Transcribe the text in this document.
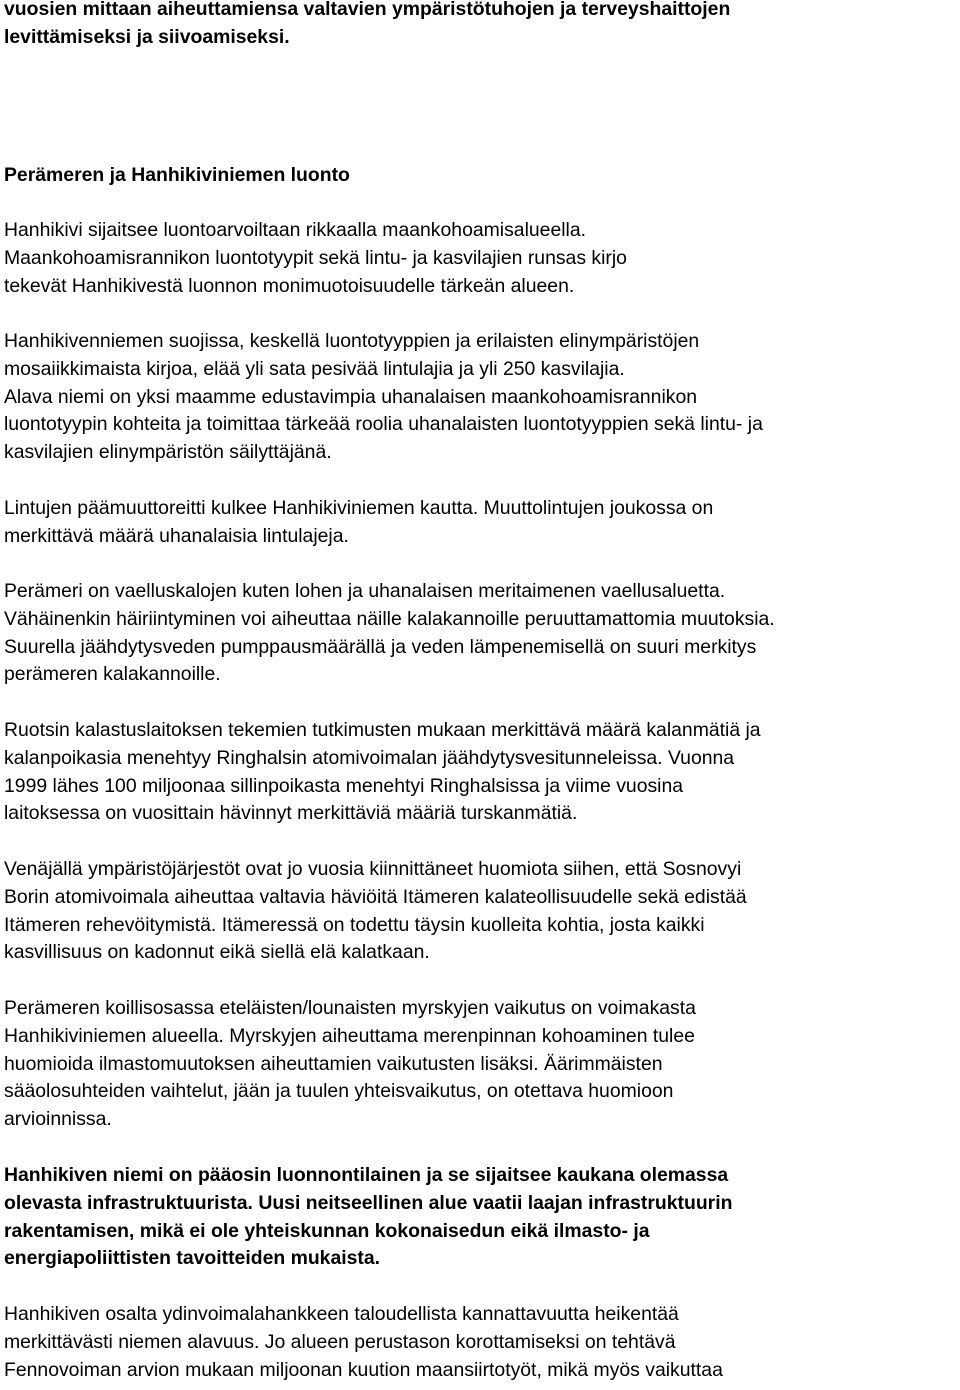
vuosien mittaan aiheuttamiensa valtavien ympäristötuhojen ja terveyshaittojen
levittämiseksi ja siivoamiseksi.
Perämeren ja Hanhikiviniemen luonto
Hanhikivi sijaitsee luontoarvoiltaan rikkaalla maankohoamisalueella.
Maankohoamisrannikon luontotyypit sekä lintu- ja kasvilajien runsas kirjo
tekevät Hanhikivestä luonnon monimuotoisuudelle tärkeän alueen.
Hanhikivenniemen suojissa, keskellä luontotyyppien ja erilaisten elinympäristöjen
mosaiikkimaista kirjoa, elää yli sata pesivää lintulajia ja yli 250 kasvilajia.
Alava niemi on yksi maamme edustavimpia uhanalaisen maankohoamisrannikon
luontotyypin kohteita ja toimittaa tärkeää roolia uhanalaisten luontotyyppien sekä lintu- ja
kasvilajien elinympäristön säilyttäjänä.
Lintujen päämuuttoreitti kulkee Hanhikiviniemen kautta. Muuttolintujen joukossa on
merkittävä määrä uhanalaisia lintulajeja.
Perämeri on vaelluskalojen kuten lohen ja uhanalaisen meritaimenen vaellusaluetta.
Vähäinenkin häiriintyminen voi aiheuttaa näille kalakannoille peruuttamattomia muutoksia.
Suurella jäähdytysveden pumppausmäärällä ja veden lämpenemisellä on suuri merkitys
perämeren kalakannoille.
Ruotsin kalastuslaitoksen tekemien tutkimusten mukaan merkittävä määrä kalanmätiä ja
kalanpoikasia menehtyy Ringhalsin atomivoimalan jäähdytysvesitunneleissa. Vuonna
1999 lähes 100 miljoonaa sillinpoikasta menehtyi Ringhalsissa ja viime vuosina
laitoksessa on vuosittain hävinnyt merkittäviä määriä turskanmätiä.
Venäjällä ympäristöjärjestöt ovat jo vuosia kiinnittäneet huomiota siihen, että Sosnovyi
Borin atomivoimala aiheuttaa valtavia häviöitä Itämeren kalateollisuudelle sekä edistää
Itämeren rehevöitymistä. Itämeressä on todettu täysin kuolleita kohtia, josta kaikki
kasvillisuus on kadonnut eikä siellä elä kalatkaan.
Perämeren koillisosassa eteläisten/lounaisten myrskyjen vaikutus on voimakasta
Hanhikiviniemen alueella. Myrskyjen aiheuttama merenpinnan kohoaminen tulee
huomioida ilmastomuutoksen aiheuttamien vaikutusten lisäksi. Äärimmäisten
sääolosuhteiden vaihtelut, jään ja tuulen yhteisvaikutus, on otettava huomioon
arvioinnissa.
Hanhikiven niemi on pääosin luonnontilainen ja se sijaitsee kaukana olemassa
olevasta infrastruktuurista. Uusi neitseellinen alue vaatii laajan infrastruktuurin
rakentamisen, mikä ei ole yhteiskunnan kokonaisedun eikä ilmasto- ja
energiapoliittisten tavoitteiden mukaista.
Hanhikiven osalta ydinvoimalahankkeen taloudellista kannattavuutta heikentää
merkittävästi niemen alavuus. Jo alueen perustason korottamiseksi on tehtävä
Fennovoiman arvion mukaan miljoonan kuution maansiirtotyöt, mikä myös vaikuttaa
